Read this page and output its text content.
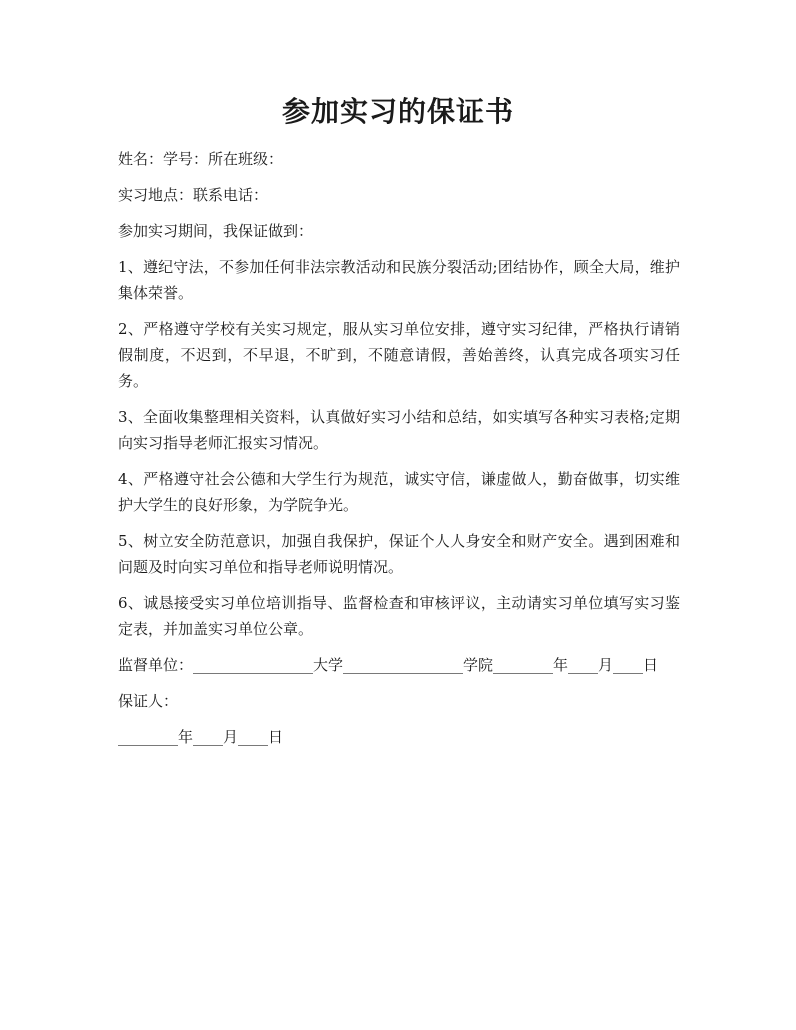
参加实习的保证书

姓名：学号：所在班级：

实习地点：联系电话：

参加实习期间，我保证做到：

1、遵纪守法，不参加任何非法宗教活动和民族分裂活动;团结协作，顾全大局，维护集体荣誉。

2、严格遵守学校有关实习规定，服从实习单位安排，遵守实习纪律，严格执行请销假制度，不迟到，不早退，不旷到，不随意请假，善始善终，认真完成各项实习任务。

3、全面收集整理相关资料，认真做好实习小结和总结，如实填写各种实习表格;定期向实习指导老师汇报实习情况。

4、严格遵守社会公德和大学生行为规范，诚实守信，谦虚做人，勤奋做事，切实维护大学生的良好形象，为学院争光。

5、树立安全防范意识，加强自我保护，保证个人人身安全和财产安全。遇到困难和问题及时向实习单位和指导老师说明情况。

6、诚恳接受实习单位培训指导、监督检查和审核评议，主动请实习单位填写实习鉴定表，并加盖实习单位公章。

监督单位：________________大学________________学院________年____月____日

保证人：

________年____月____日
